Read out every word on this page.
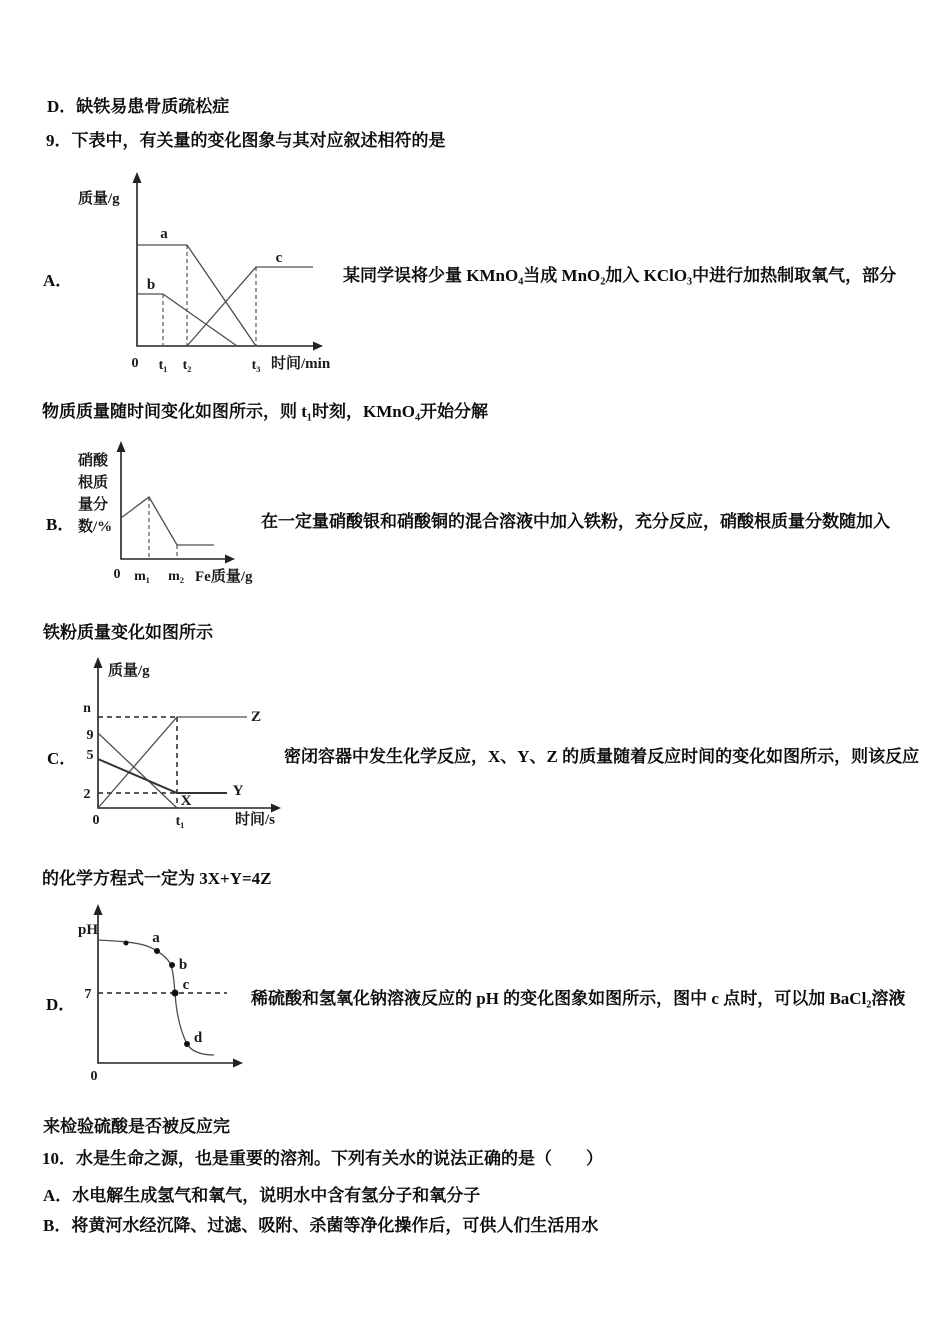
D．缺铁易患骨质疏松症
9．下表中，有关量的变化图象与其对应叙述相符的是
A．	某同学误将少量 KMnO₄当成 MnO₂加入 KClO₃中进行加热制取氧气，部分
物质质量随时间变化如图所示，则 t₁时刻，KMnO₄开始分解
B．	在一定量硝酸银和硝酸铜的混合溶液中加入铁粉，充分反应，硝酸根质量分数随加入
铁粉质量变化如图所示
C．	密闭容器中发生化学反应，X、Y、Z 的质量随着反应时间的变化如图所示，则该反应
的化学方程式一定为 3X+Y=4Z
D．	稀硫酸和氢氧化钠溶液反应的 pH 的变化图象如图所示，图中 c 点时，可以加 BaCl₂溶液
来检验硫酸是否被反应完
10．水是生命之源，也是重要的溶剂。下列有关水的说法正确的是（　　）
A．水电解生成氢气和氧气，说明水中含有氢分子和氧分子
B．将黄河水经沉降、过滤、吸附、杀菌等净化操作后，可供人们生活用水
质量/g
a
b
c
0 t₁ t₂	t₃ 时间/min
硝酸
根质
量分
数/%
0 m₁ m₂ Fe质量/g
质量/g
n
9
5
2
Z
Y
X
0	t₁	时间/s
pH
7
a
b
c
d
0
